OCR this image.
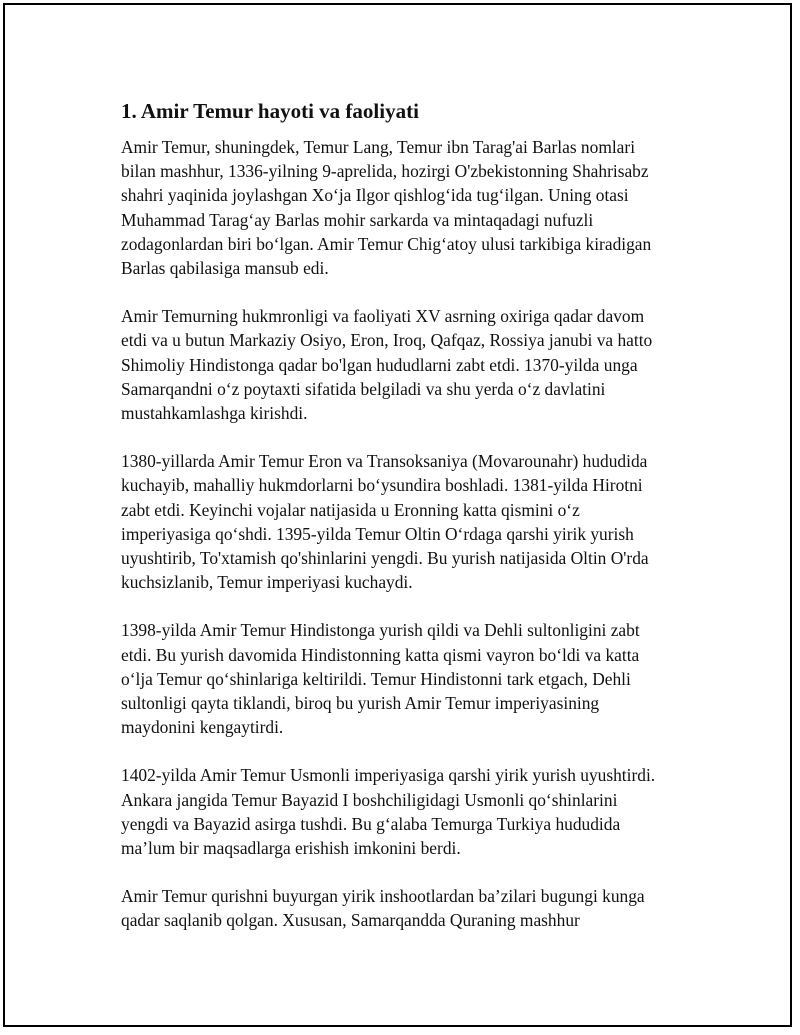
1. Amir Temur hayoti va faoliyati

Amir Temur, shuningdek, Temur Lang, Temur ibn Tarag'ai Barlas nomlari
bilan mashhur, 1336-yilning 9-aprelida, hozirgi O'zbekistonning Shahrisabz
shahri yaqinida joylashgan Xo‘ja Ilgor qishlog‘ida tug‘ilgan. Uning otasi
Muhammad Tarag‘ay Barlas mohir sarkarda va mintaqadagi nufuzli
zodagonlardan biri bo‘lgan. Amir Temur Chig‘atoy ulusi tarkibiga kiradigan
Barlas qabilasiga mansub edi.

Amir Temurning hukmronligi va faoliyati XV asrning oxiriga qadar davom
etdi va u butun Markaziy Osiyo, Eron, Iroq, Qafqaz, Rossiya janubi va hatto
Shimoliy Hindistonga qadar bo'lgan hududlarni zabt etdi. 1370-yilda unga
Samarqandni o‘z poytaxti sifatida belgiladi va shu yerda o‘z davlatini
mustahkamlashga kirishdi.

1380-yillarda Amir Temur Eron va Transoksaniya (Movarounahr) hududida
kuchayib, mahalliy hukmdorlarni bo‘ysundira boshladi. 1381-yilda Hirotni
zabt etdi. Keyinchi vojalar natijasida u Eronning katta qismini o‘z
imperiyasiga qo‘shdi. 1395-yilda Temur Oltin O‘rdaga qarshi yirik yurish
uyushtirib, To'xtamish qo'shinlarini yengdi. Bu yurish natijasida Oltin O'rda
kuchsizlanib, Temur imperiyasi kuchaydi.

1398-yilda Amir Temur Hindistonga yurish qildi va Dehli sultonligini zabt
etdi. Bu yurish davomida Hindistonning katta qismi vayron bo‘ldi va katta
o‘lja Temur qo‘shinlariga keltirildi. Temur Hindistonni tark etgach, Dehli
sultonligi qayta tiklandi, biroq bu yurish Amir Temur imperiyasining
maydonini kengaytirdi.

1402-yilda Amir Temur Usmonli imperiyasiga qarshi yirik yurish uyushtirdi.
Ankara jangida Temur Bayazid I boshchiligidagi Usmonli qo‘shinlarini
yengdi va Bayazid asirga tushdi. Bu g‘alaba Temurga Turkiya hududida
ma’lum bir maqsadlarga erishish imkonini berdi.

Amir Temur qurishni buyurgan yirik inshootlardan ba’zilari bugungi kunga
qadar saqlanib qolgan. Xususan, Samarqandda Quraning mashhur
